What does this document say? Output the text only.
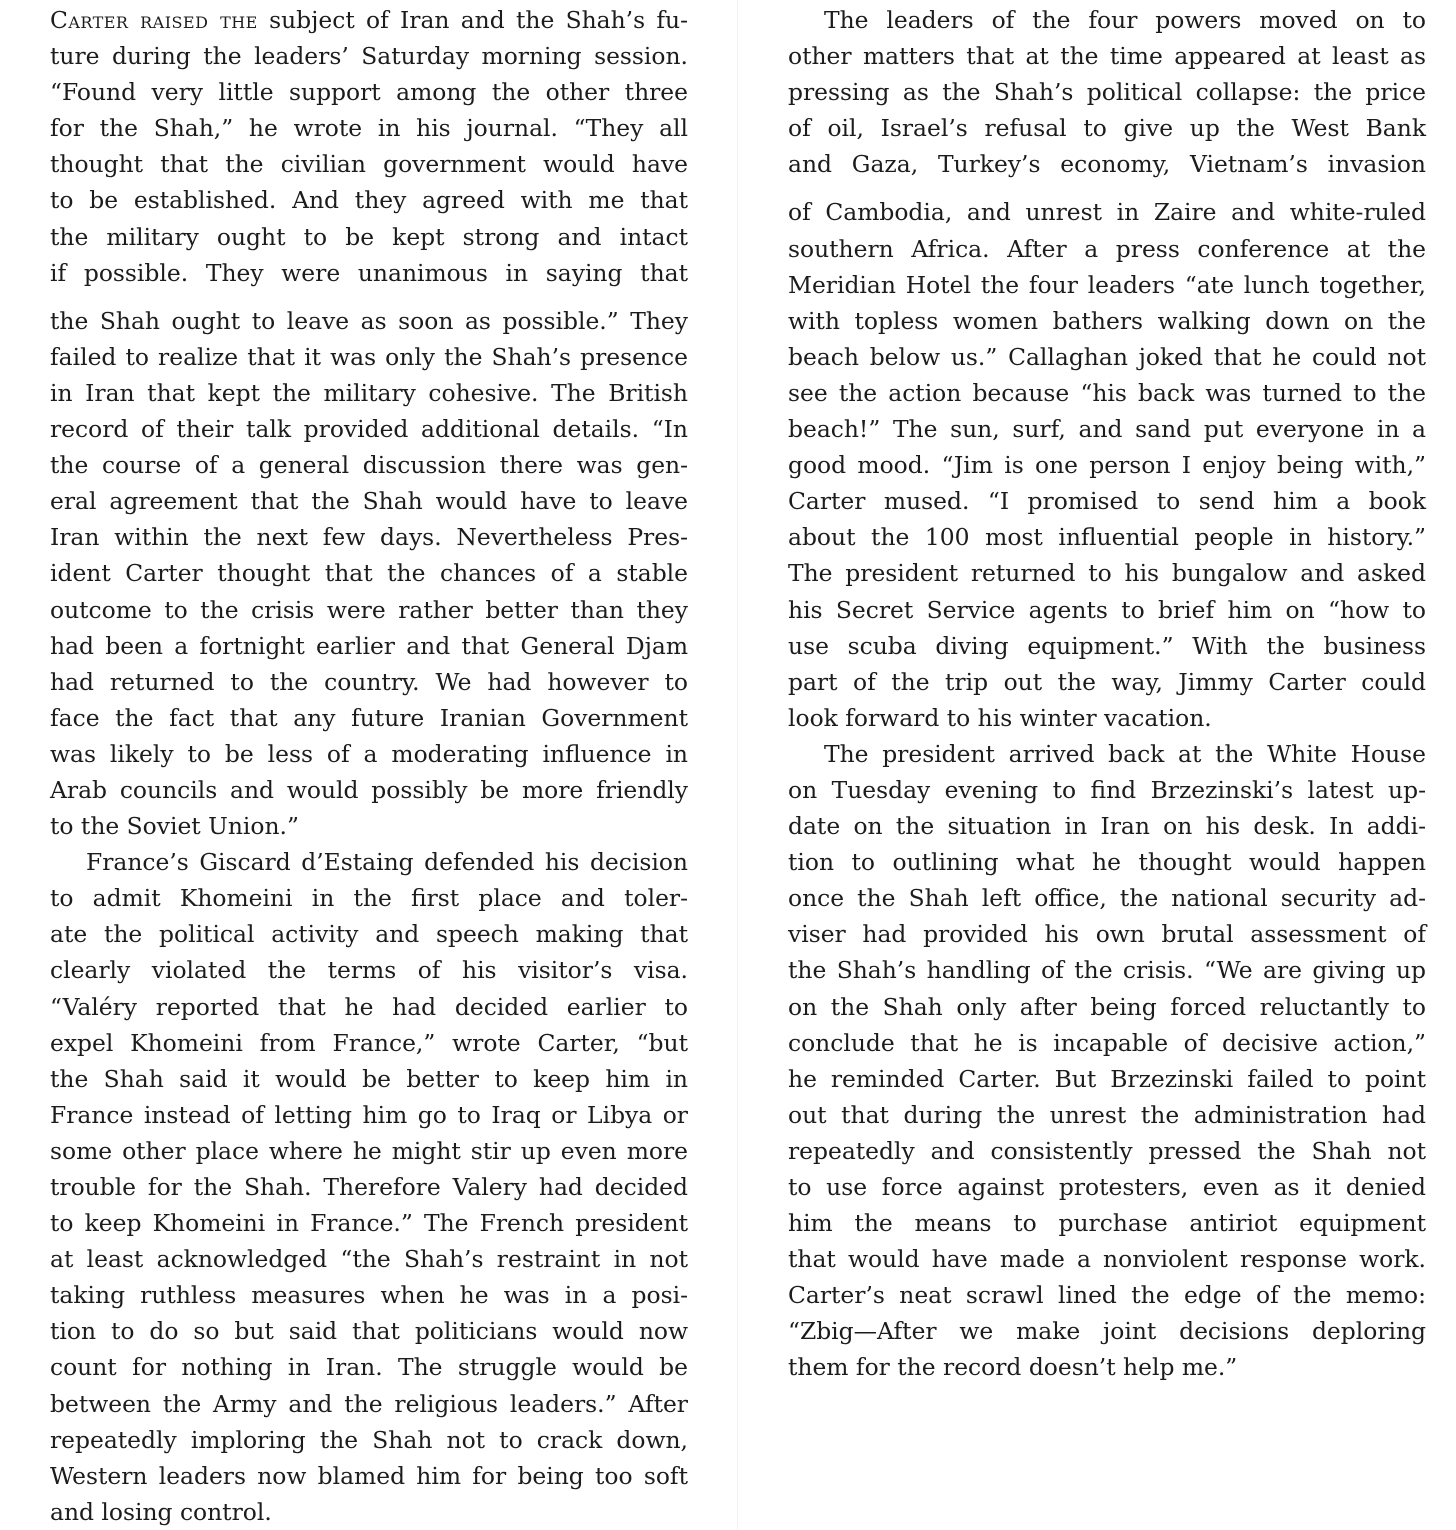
Carter raised the subject of Iran and the Shah’s fu-
ture during the leaders’ Saturday morning session.
“Found very little support among the other three
for the Shah,” he wrote in his journal. “They all
thought that the civilian government would have
to be established. And they agreed with me that
the military ought to be kept strong and intact
if possible. They were unanimous in saying that
the Shah ought to leave as soon as possible.” They
failed to realize that it was only the Shah’s presence
in Iran that kept the military cohesive. The British
record of their talk provided additional details. “In
the course of a general discussion there was gen-
eral agreement that the Shah would have to leave
Iran within the next few days. Nevertheless Pres-
ident Carter thought that the chances of a stable
outcome to the crisis were rather better than they
had been a fortnight earlier and that General Djam
had returned to the country. We had however to
face the fact that any future Iranian Government
was likely to be less of a moderating influence in
Arab councils and would possibly be more friendly
to the Soviet Union.”
France’s Giscard d’Estaing defended his decision
to admit Khomeini in the first place and toler-
ate the political activity and speech making that
clearly violated the terms of his visitor’s visa.
“Valéry reported that he had decided earlier to
expel Khomeini from France,” wrote Carter, “but
the Shah said it would be better to keep him in
France instead of letting him go to Iraq or Libya or
some other place where he might stir up even more
trouble for the Shah. Therefore Valery had decided
to keep Khomeini in France.” The French president
at least acknowledged “the Shah’s restraint in not
taking ruthless measures when he was in a posi-
tion to do so but said that politicians would now
count for nothing in Iran. The struggle would be
between the Army and the religious leaders.” After
repeatedly imploring the Shah not to crack down,
Western leaders now blamed him for being too soft
and losing control.
The leaders of the four powers moved on to
other matters that at the time appeared at least as
pressing as the Shah’s political collapse: the price
of oil, Israel’s refusal to give up the West Bank
and Gaza, Turkey’s economy, Vietnam’s invasion
of Cambodia, and unrest in Zaire and white-ruled
southern Africa. After a press conference at the
Meridian Hotel the four leaders “ate lunch together,
with topless women bathers walking down on the
beach below us.” Callaghan joked that he could not
see the action because “his back was turned to the
beach!” The sun, surf, and sand put everyone in a
good mood. “Jim is one person I enjoy being with,”
Carter mused. “I promised to send him a book
about the 100 most influential people in history.”
The president returned to his bungalow and asked
his Secret Service agents to brief him on “how to
use scuba diving equipment.” With the business
part of the trip out the way, Jimmy Carter could
look forward to his winter vacation.
The president arrived back at the White House
on Tuesday evening to find Brzezinski’s latest up-
date on the situation in Iran on his desk. In addi-
tion to outlining what he thought would happen
once the Shah left office, the national security ad-
viser had provided his own brutal assessment of
the Shah’s handling of the crisis. “We are giving up
on the Shah only after being forced reluctantly to
conclude that he is incapable of decisive action,”
he reminded Carter. But Brzezinski failed to point
out that during the unrest the administration had
repeatedly and consistently pressed the Shah not
to use force against protesters, even as it denied
him the means to purchase antiriot equipment
that would have made a nonviolent response work.
Carter’s neat scrawl lined the edge of the memo:
“Zbig—After we make joint decisions deploring
them for the record doesn’t help me.”
